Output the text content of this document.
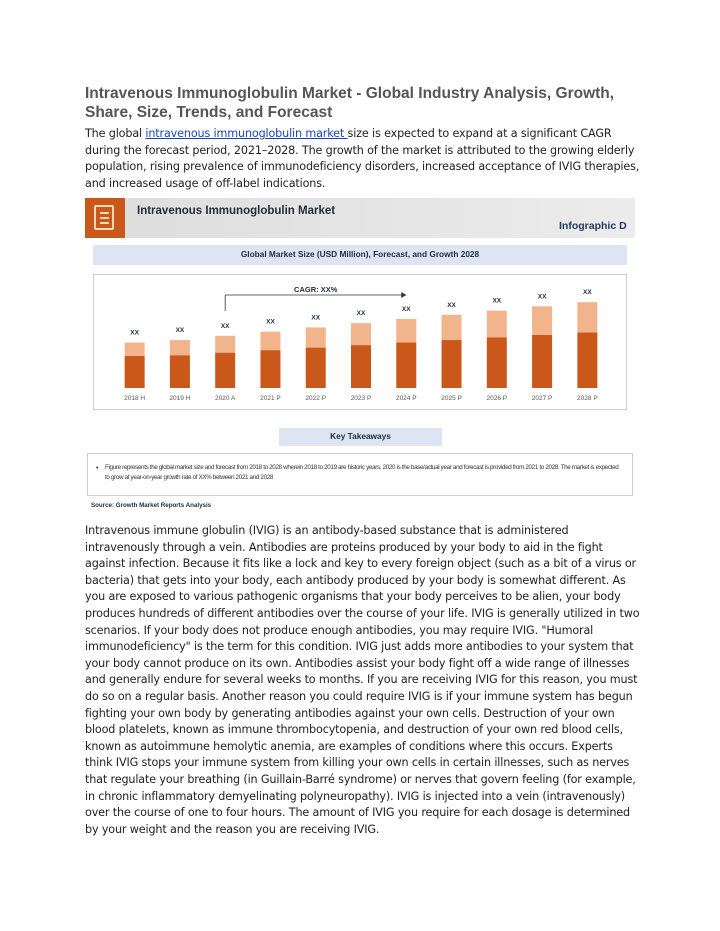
Intravenous Immunoglobulin Market - Global Industry Analysis, Growth, Share, Size, Trends, and Forecast

The global intravenous immunoglobulin market size is expected to expand at a significant CAGR during the forecast period, 2021–2028. The growth of the market is attributed to the growing elderly population, rising prevalence of immunodeficiency disorders, increased acceptance of IVIG therapies, and increased usage of off-label indications.

Intravenous Immunoglobulin Market
Infographic D
Global Market Size (USD Million), Forecast, and Growth 2028
XX
2018 H
XX
2019 H
XX
2020 A
XX
2021 P
XX
2022 P
XX
2023 P
XX
2024 P
XX
2025 P
XX
2026 P
XX
2027 P
XX
2028 P
CAGR: XX%
Key Takeaways
• Figure represents the global market size and forecast from 2018 to 2028 wherein 2018 to 2019 are historic years, 2020 is the base/actual year and forecast is provided from 2021 to 2028. The market is expected to grow at year-on-year growth rate of XX% between 2021 and 2028
Source: Growth Market Reports Analysis

Intravenous immune globulin (IVIG) is an antibody-based substance that is administered intravenously through a vein. Antibodies are proteins produced by your body to aid in the fight against infection. Because it fits like a lock and key to every foreign object (such as a bit of a virus or bacteria) that gets into your body, each antibody produced by your body is somewhat different. As you are exposed to various pathogenic organisms that your body perceives to be alien, your body produces hundreds of different antibodies over the course of your life. IVIG is generally utilized in two scenarios. If your body does not produce enough antibodies, you may require IVIG. "Humoral immunodeficiency" is the term for this condition. IVIG just adds more antibodies to your system that your body cannot produce on its own. Antibodies assist your body fight off a wide range of illnesses and generally endure for several weeks to months. If you are receiving IVIG for this reason, you must do so on a regular basis. Another reason you could require IVIG is if your immune system has begun fighting your own body by generating antibodies against your own cells. Destruction of your own blood platelets, known as immune thrombocytopenia, and destruction of your own red blood cells, known as autoimmune hemolytic anemia, are examples of conditions where this occurs. Experts think IVIG stops your immune system from killing your own cells in certain illnesses, such as nerves that regulate your breathing (in Guillain-Barré syndrome) or nerves that govern feeling (for example, in chronic inflammatory demyelinating polyneuropathy). IVIG is injected into a vein (intravenously) over the course of one to four hours. The amount of IVIG you require for each dosage is determined by your weight and the reason you are receiving IVIG.
